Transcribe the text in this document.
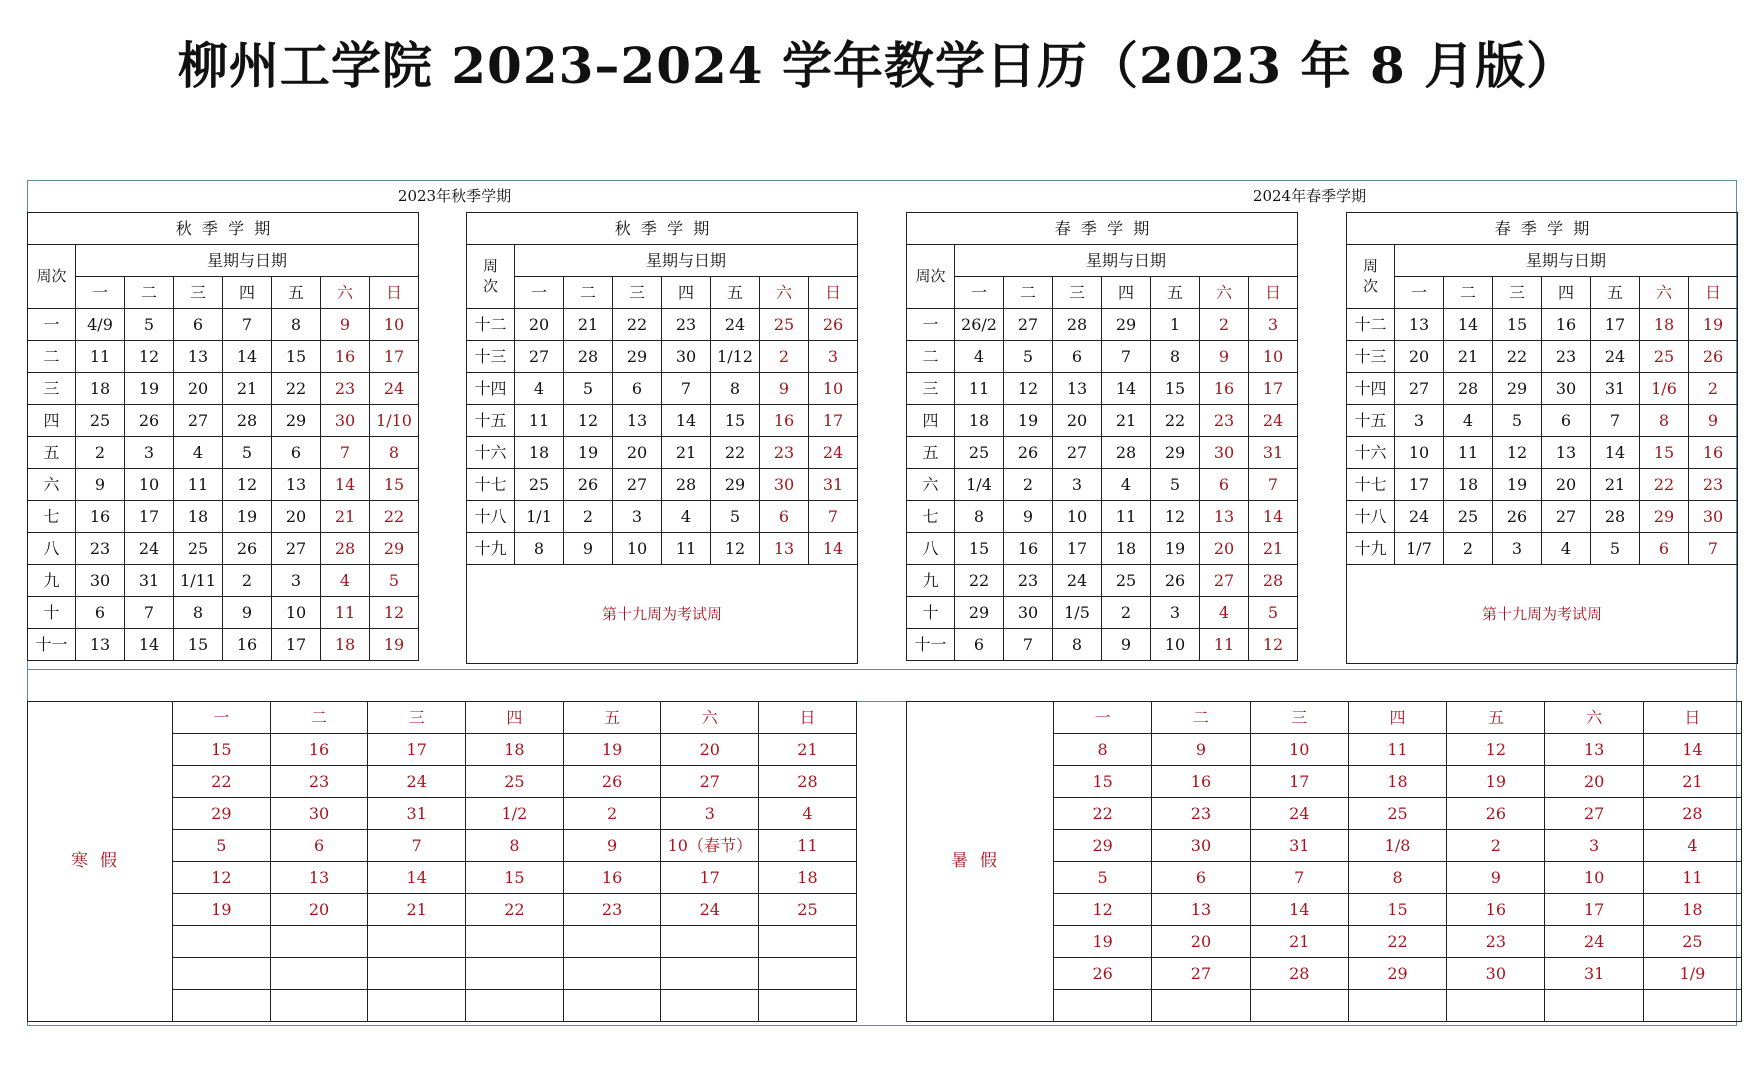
柳州工学院 2023–2024 学年教学日历（2023 年 8 月版）
2023年秋季学期	2024年春季学期
秋  季  学  期							
周次	星期与日期						
	一	二	三	四	五	六	日
一	4/9	5	6	7	8	9	10
二	11	12	13	14	15	16	17
三	18	19	20	21	22	23	24
四	25	26	27	28	29	30	1/10
五	2	3	4	5	6	7	8
六	9	10	11	12	13	14	15
七	16	17	18	19	20	21	22
八	23	24	25	26	27	28	29
九	30	31	1/11	2	3	4	5
十	6	7	8	9	10	11	12
十一	13	14	15	16	17	18	19
秋  季  学  期							

周
次	星期与日期						
	一	二	三	四	五	六	日
十二	20	21	22	23	24	25	26
十三	27	28	29	30	1/12	2	3
十四	4	5	6	7	8	9	10
十五	11	12	13	14	15	16	17
十六	18	19	20	21	22	23	24
十七	25	26	27	28	29	30	31
十八	1/1	2	3	4	5	6	7
十九	8	9	10	11	12	13	14
第十九周为考试周							
春  季  学  期							
周次	星期与日期						
	一	二	三	四	五	六	日
一	26/2	27	28	29	1	2	3
二	4	5	6	7	8	9	10
三	11	12	13	14	15	16	17
四	18	19	20	21	22	23	24
五	25	26	27	28	29	30	31
六	1/4	2	3	4	5	6	7
七	8	9	10	11	12	13	14
八	15	16	17	18	19	20	21
九	22	23	24	25	26	27	28
十	29	30	1/5	2	3	4	5
十一	6	7	8	9	10	11	12
春  季  学  期							

周
次	星期与日期						
	一	二	三	四	五	六	日
十二	13	14	15	16	17	18	19
十三	20	21	22	23	24	25	26
十四	27	28	29	30	31	1/6	2
十五	3	4	5	6	7	8	9
十六	10	11	12	13	14	15	16
十七	17	18	19	20	21	22	23
十八	24	25	26	27	28	29	30
十九	1/7	2	3	4	5	6	7
第十九周为考试周							
寒假	一	二	三	四	五	六	日
	15	16	17	18	19	20	21
	22	23	24	25	26	27	28
	29	30	31	1/2	2	3	4
	5	6	7	8	9	10（春节）	11
	12	13	14	15	16	17	18
	19	20	21	22	23	24	25

暑假	一	二	三	四	五	六	日
	8	9	10	11	12	13	14
	15	16	17	18	19	20	21
	22	23	24	25	26	27	28
	29	30	31	1/8	2	3	4
	5	6	7	8	9	10	11
	12	13	14	15	16	17	18
	19	20	21	22	23	24	25
	26	27	28	29	30	31	1/9
